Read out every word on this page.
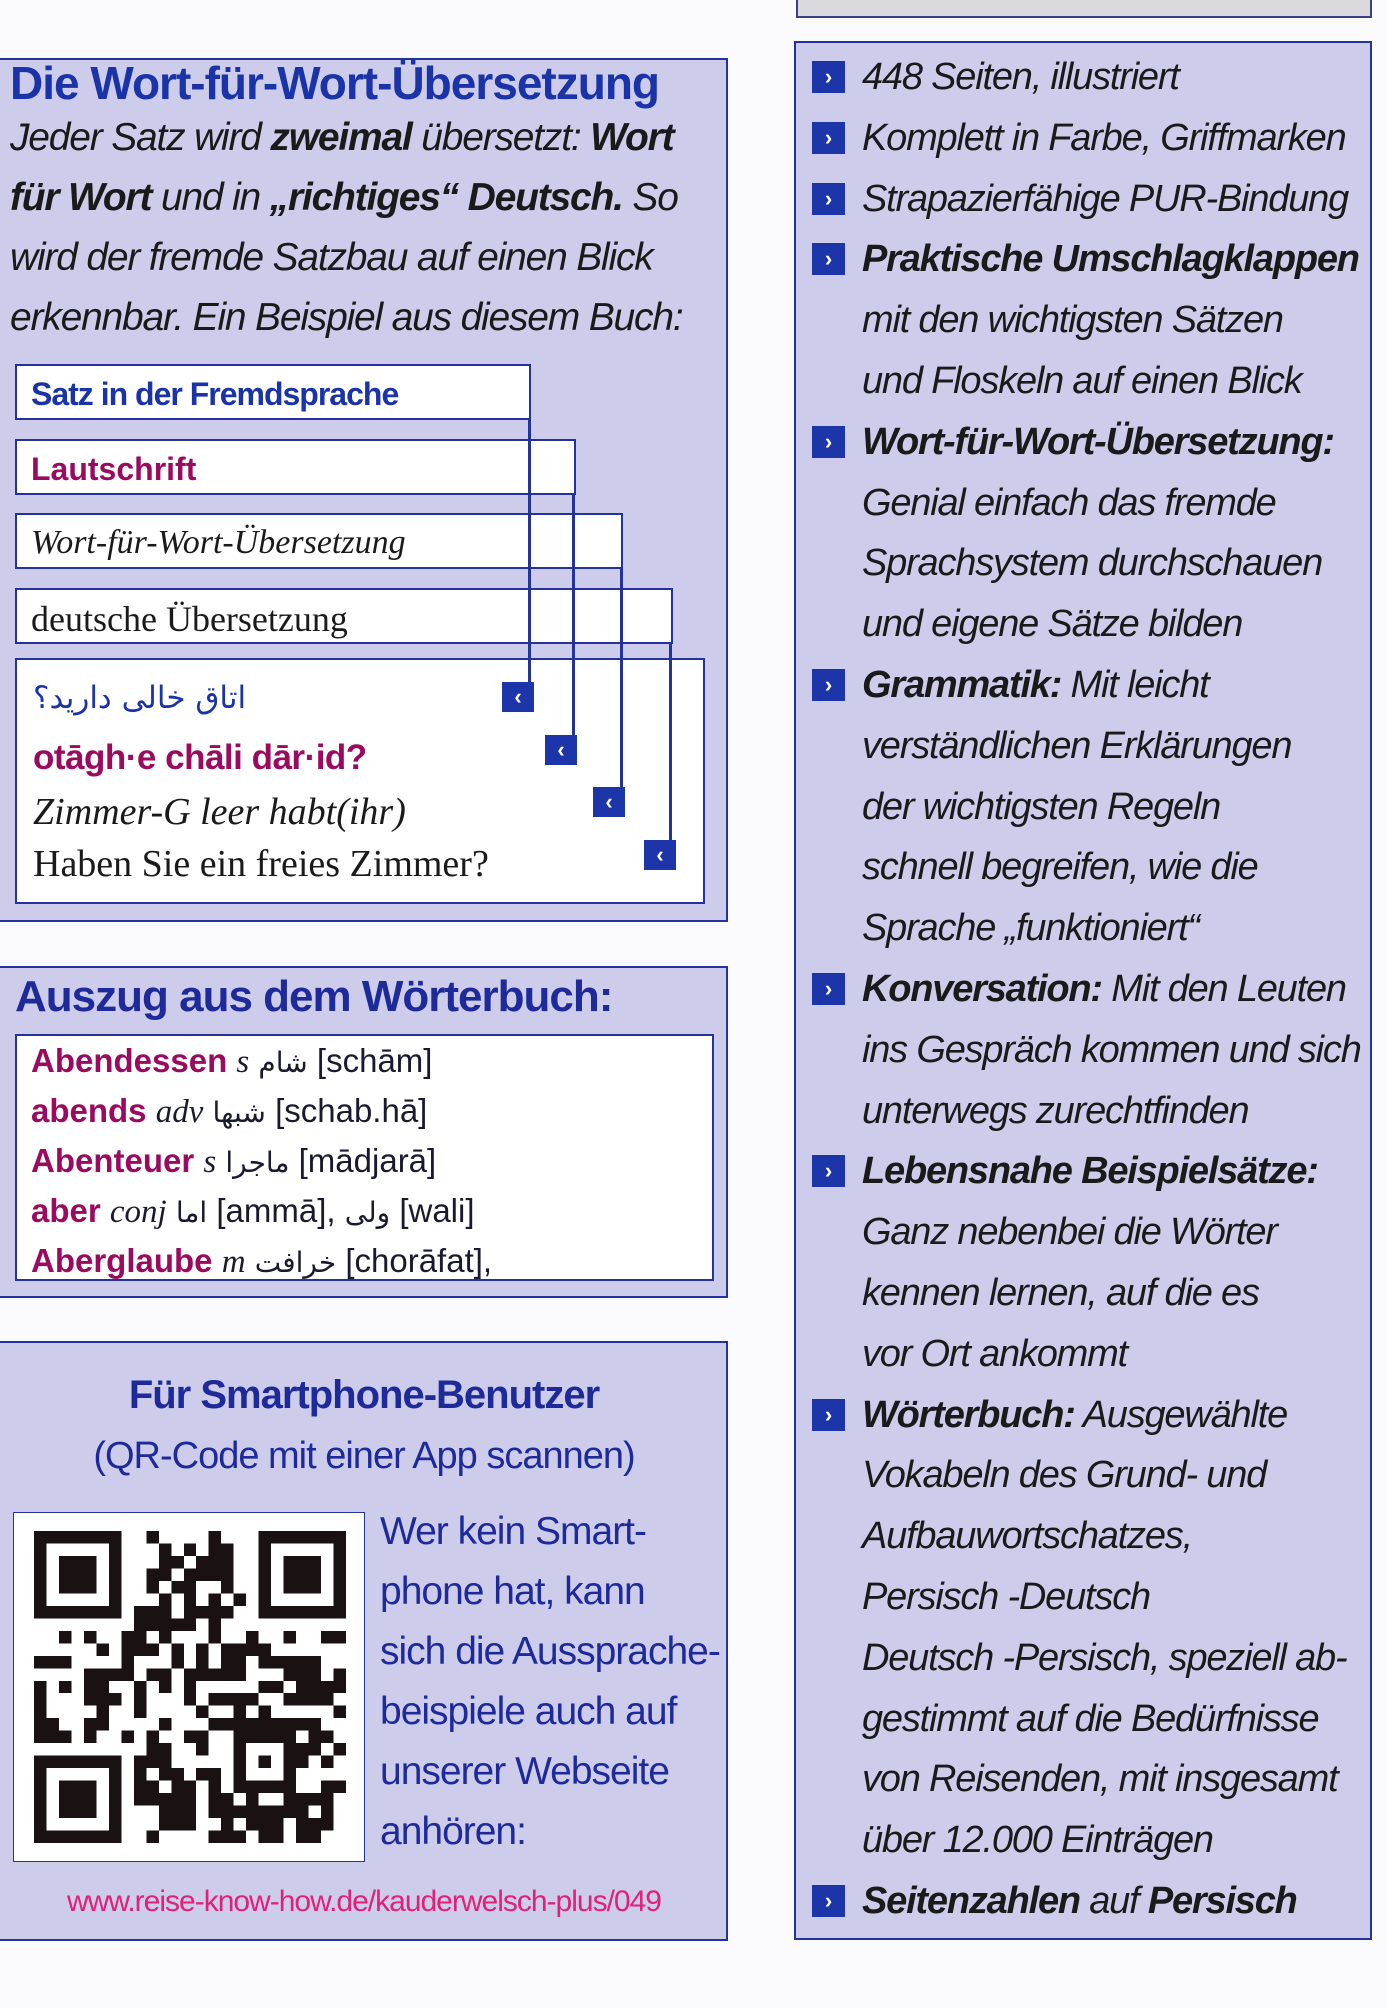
Die Wort-für-Wort-Übersetzung
Jeder Satz wird zweimal übersetzt: Wort
für Wort und in „richtiges“ Deutsch. So
wird der fremde Satzbau auf einen Blick
erkennbar. Ein Beispiel aus diesem Buch:
Satz in der Fremdsprache
Lautschrift
Wort-für-Wort-Übersetzung
deutsche Übersetzung
اتاق خالی دارید؟
otāgh·e chāli dār·id?
Zimmer-G leer habt(ihr)
Haben Sie ein freies Zimmer?
‹
‹
‹
‹
Auszug aus dem Wörterbuch:
Abendessen s شام [schām]
abends adv شبها [schab.hā]
Abenteuer s ماجرا [mādjarā]
aber conj اما [ammā], ولی [wali]
Aberglaube m خرافت [chorāfat],
Für Smartphone-Benutzer
(QR-Code mit einer App scannen)
Wer kein Smart-
phone hat, kann
sich die Aussprache-
beispiele auch auf
unserer Webseite
anhören:
www.reise-know-how.de/kauderwelsch-plus/049
› 448 Seiten, illustriert
› Komplett in Farbe, Griffmarken
› Strapazierfähige PUR-Bindung
› Praktische Umschlagklappen
mit den wichtigsten Sätzen
und Floskeln auf einen Blick
› Wort-für-Wort-Übersetzung:
Genial einfach das fremde
Sprachsystem durchschauen
und eigene Sätze bilden
› Grammatik: Mit leicht
verständlichen Erklärungen
der wichtigsten Regeln
schnell begreifen, wie die
Sprache „funktioniert“
› Konversation: Mit den Leuten
ins Gespräch kommen und sich
unterwegs zurechtfinden
› Lebensnahe Beispielsätze:
Ganz nebenbei die Wörter
kennen lernen, auf die es
vor Ort ankommt
› Wörterbuch: Ausgewählte
Vokabeln des Grund- und
Aufbauwortschatzes,
Persisch -Deutsch
Deutsch -Persisch, speziell ab-
gestimmt auf die Bedürfnisse
von Reisenden, mit insgesamt
über 12.000 Einträgen
› Seitenzahlen auf Persisch
